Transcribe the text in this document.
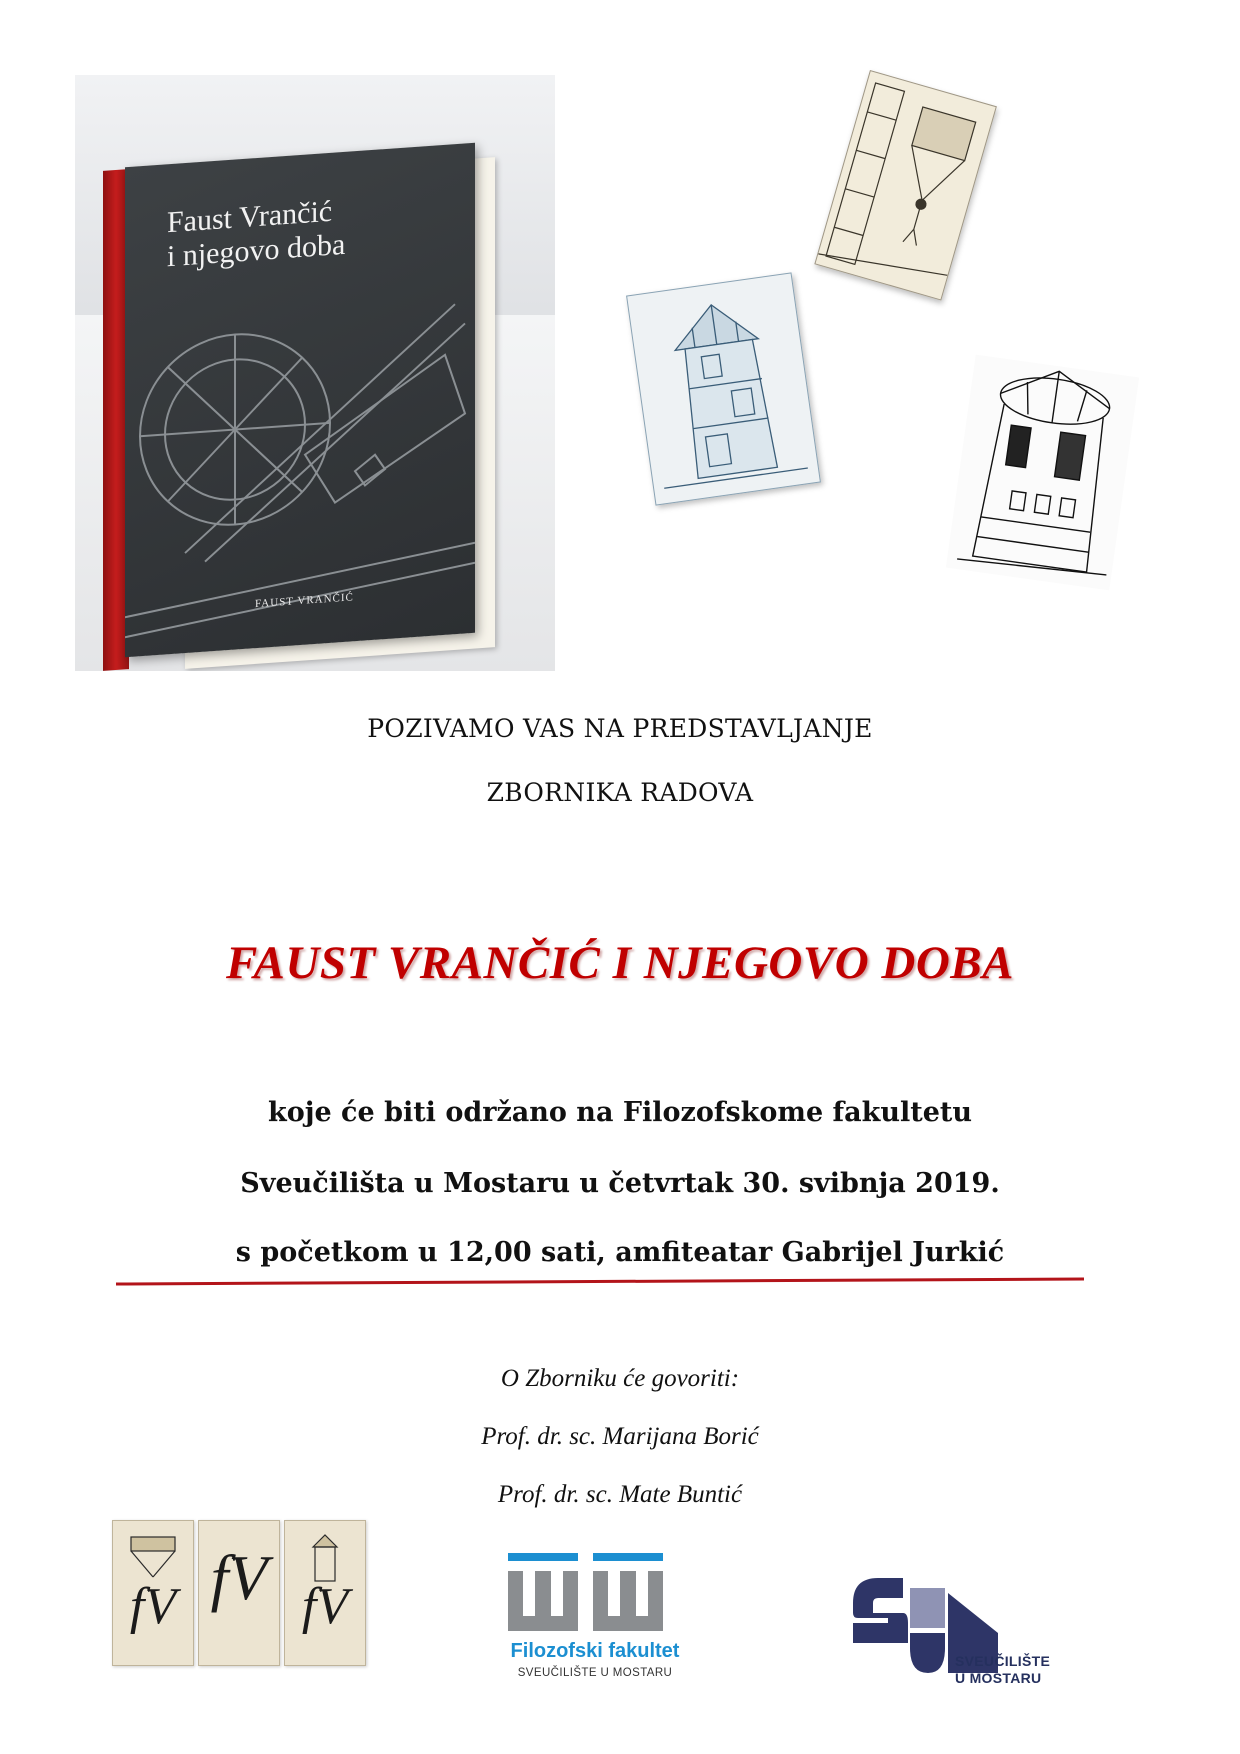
Faust Vrančić
i njegovo doba
FAUST VRANČIĆ
POZIVAMO VAS NA PREDSTAVLJANJE
ZBORNIKA RADOVA
FAUST VRANČIĆ I NJEGOVO DOBA
koje će biti održano na Filozofskome fakultetu
Sveučilišta u Mostaru u četvrtak 30. svibnja 2019.
s početkom u 12,00 sati, amfiteatar Gabrijel Jurkić
O Zborniku će govoriti:
Prof. dr. sc. Marijana Borić
Prof. dr. sc. Mate Buntić
fV fV fV
Filozofski fakultet
SVEUČILIŠTE U MOSTARU
SVEUČILIŠTE
U MOSTARU
